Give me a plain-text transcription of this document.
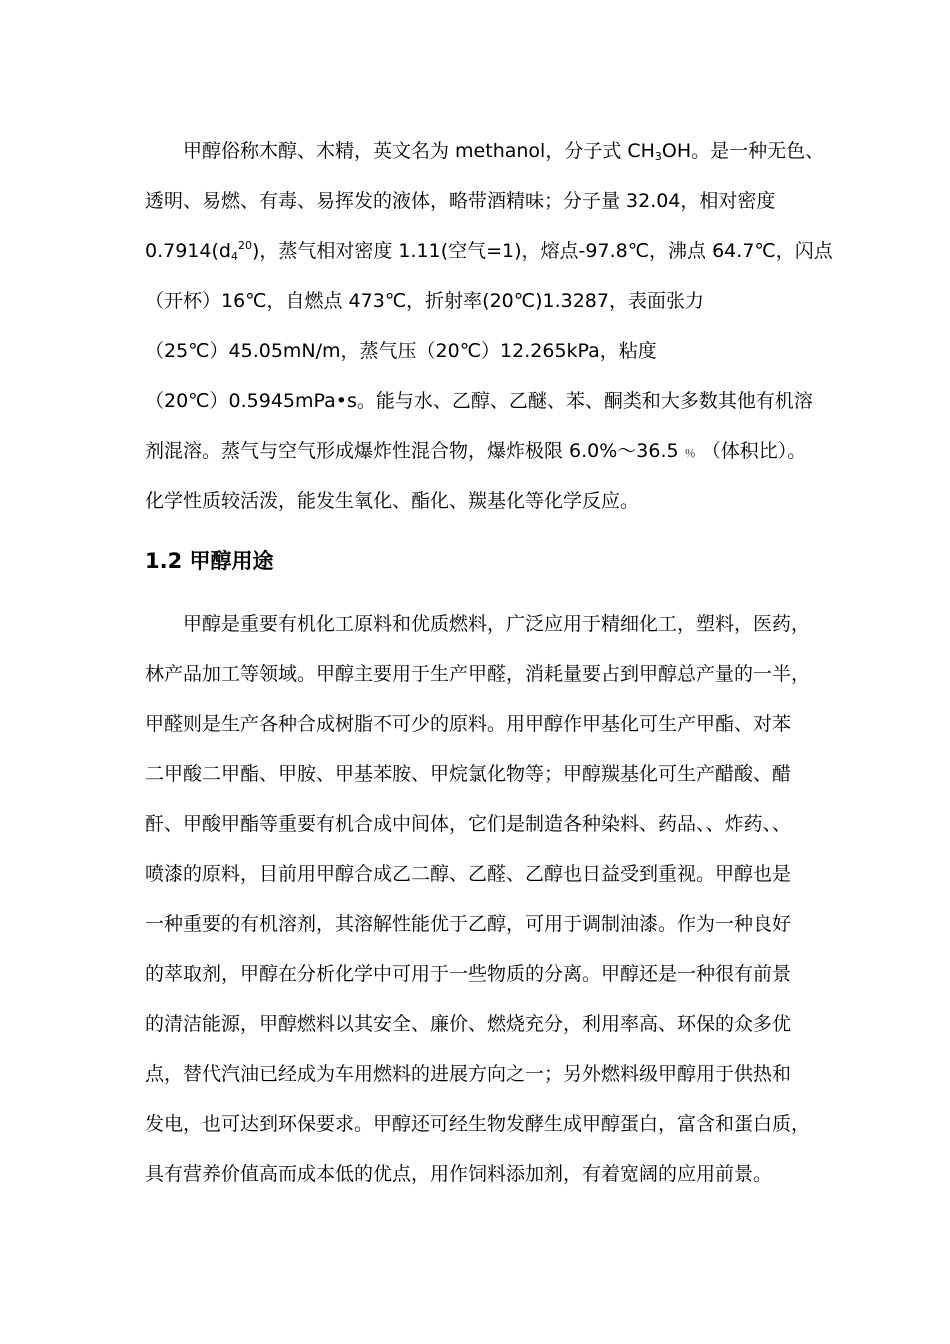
甲醇俗称木醇、木精，英文名为 methanol，分子式 $CH_3OH$。是一种无色、
透明、易燃、有毒、易挥发的液体，略带酒精味；分子量 32.04，相对密度
$0.7914(d_4^{20})$，蒸气相对密度 1.11(空气=1)，熔点-97.8℃，沸点 64.7℃，闪点
（开杯）16℃，自燃点 473℃，折射率(20℃)1.3287，表面张力
（25℃）45.05mN/m，蒸气压（20℃）12.265kPa，粘度
（20℃）0.5945mPa•s。能与水、乙醇、乙醚、苯、酮类和大多数其他有机溶
剂混溶。蒸气与空气形成爆炸性混合物，爆炸极限 6.0%～36.5 ％ （体积比）。
化学性质较活泼，能发生氧化、酯化、羰基化等化学反应。
1.2 甲醇用途
甲醇是重要有机化工原料和优质燃料，广泛应用于精细化工，塑料，医药，
林产品加工等领域。甲醇主要用于生产甲醛，消耗量要占到甲醇总产量的一半，
甲醛则是生产各种合成树脂不可少的原料。用甲醇作甲基化可生产甲酯、对苯
二甲酸二甲酯、甲胺、甲基苯胺、甲烷氯化物等；甲醇羰基化可生产醋酸、醋
酐、甲酸甲酯等重要有机合成中间体，它们是制造各种染料、药品、、炸药、、
喷漆的原料，目前用甲醇合成乙二醇、乙醛、乙醇也日益受到重视。甲醇也是
一种重要的有机溶剂，其溶解性能优于乙醇，可用于调制油漆。作为一种良好
的萃取剂，甲醇在分析化学中可用于一些物质的分离。甲醇还是一种很有前景
的清洁能源，甲醇燃料以其安全、廉价、燃烧充分，利用率高、环保的众多优
点，替代汽油已经成为车用燃料的进展方向之一；另外燃料级甲醇用于供热和
发电，也可达到环保要求。甲醇还可经生物发酵生成甲醇蛋白，富含和蛋白质，
具有营养价值高而成本低的优点，用作饲料添加剂，有着宽阔的应用前景。
